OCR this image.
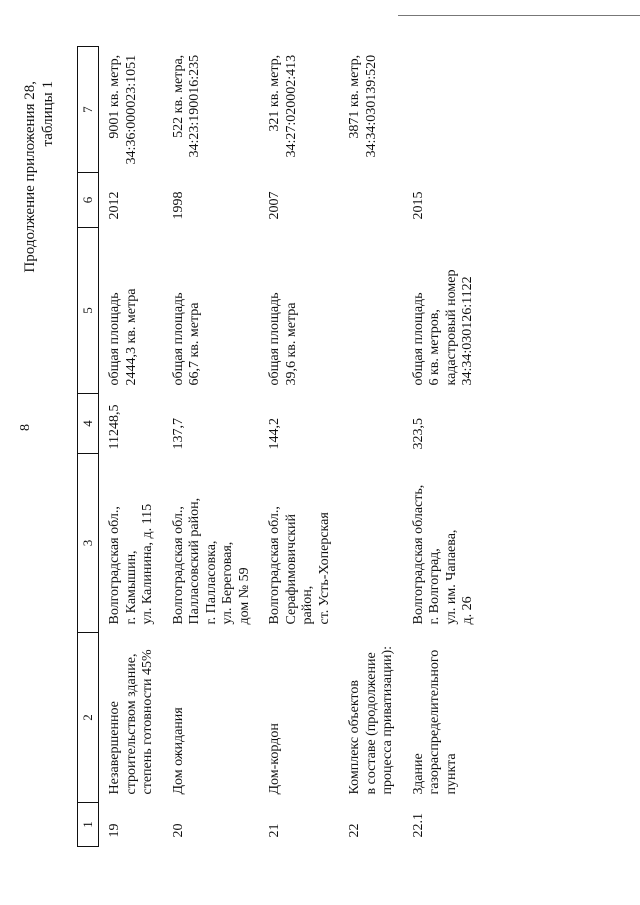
8
Продолжение приложения 28, таблицы 1
1	2	3	4	5	6	7
19	Незавершенное строительством здание, степень готовности 45%	Волгоградская обл., г. Камышин, ул. Калинина, д. 115	11248,5	общая площадь 2444,3 кв. метра	2012	9001 кв. метр, 34:36:000023:1051

20	Дом ожидания	Волгоградская обл., Палласовский район, г. Палласовка, ул. Береговая, дом № 59	137,7	общая площадь 66,7 кв. метра	1998	522 кв. метра, 34:23:190016:235

21	Дом-кордон	Волгоградская обл., Серафимовичский район, ст. Усть-Хоперская	144,2	общая площадь 39,6 кв. метра	2007	321 кв. метр, 34:27:020002:413

22	Комплекс объектов в составе (продолжение процесса приватизации):					3871 кв. метр, 34:34:030139:520

22.1	Здание газораспределительного пункта	Волгоградская область, г. Волгоград, ул. им. Чапаева, д. 26	323,5	общая площадь 6 кв. метров, кадастровый номер 34:34:030126:1122	2015	
